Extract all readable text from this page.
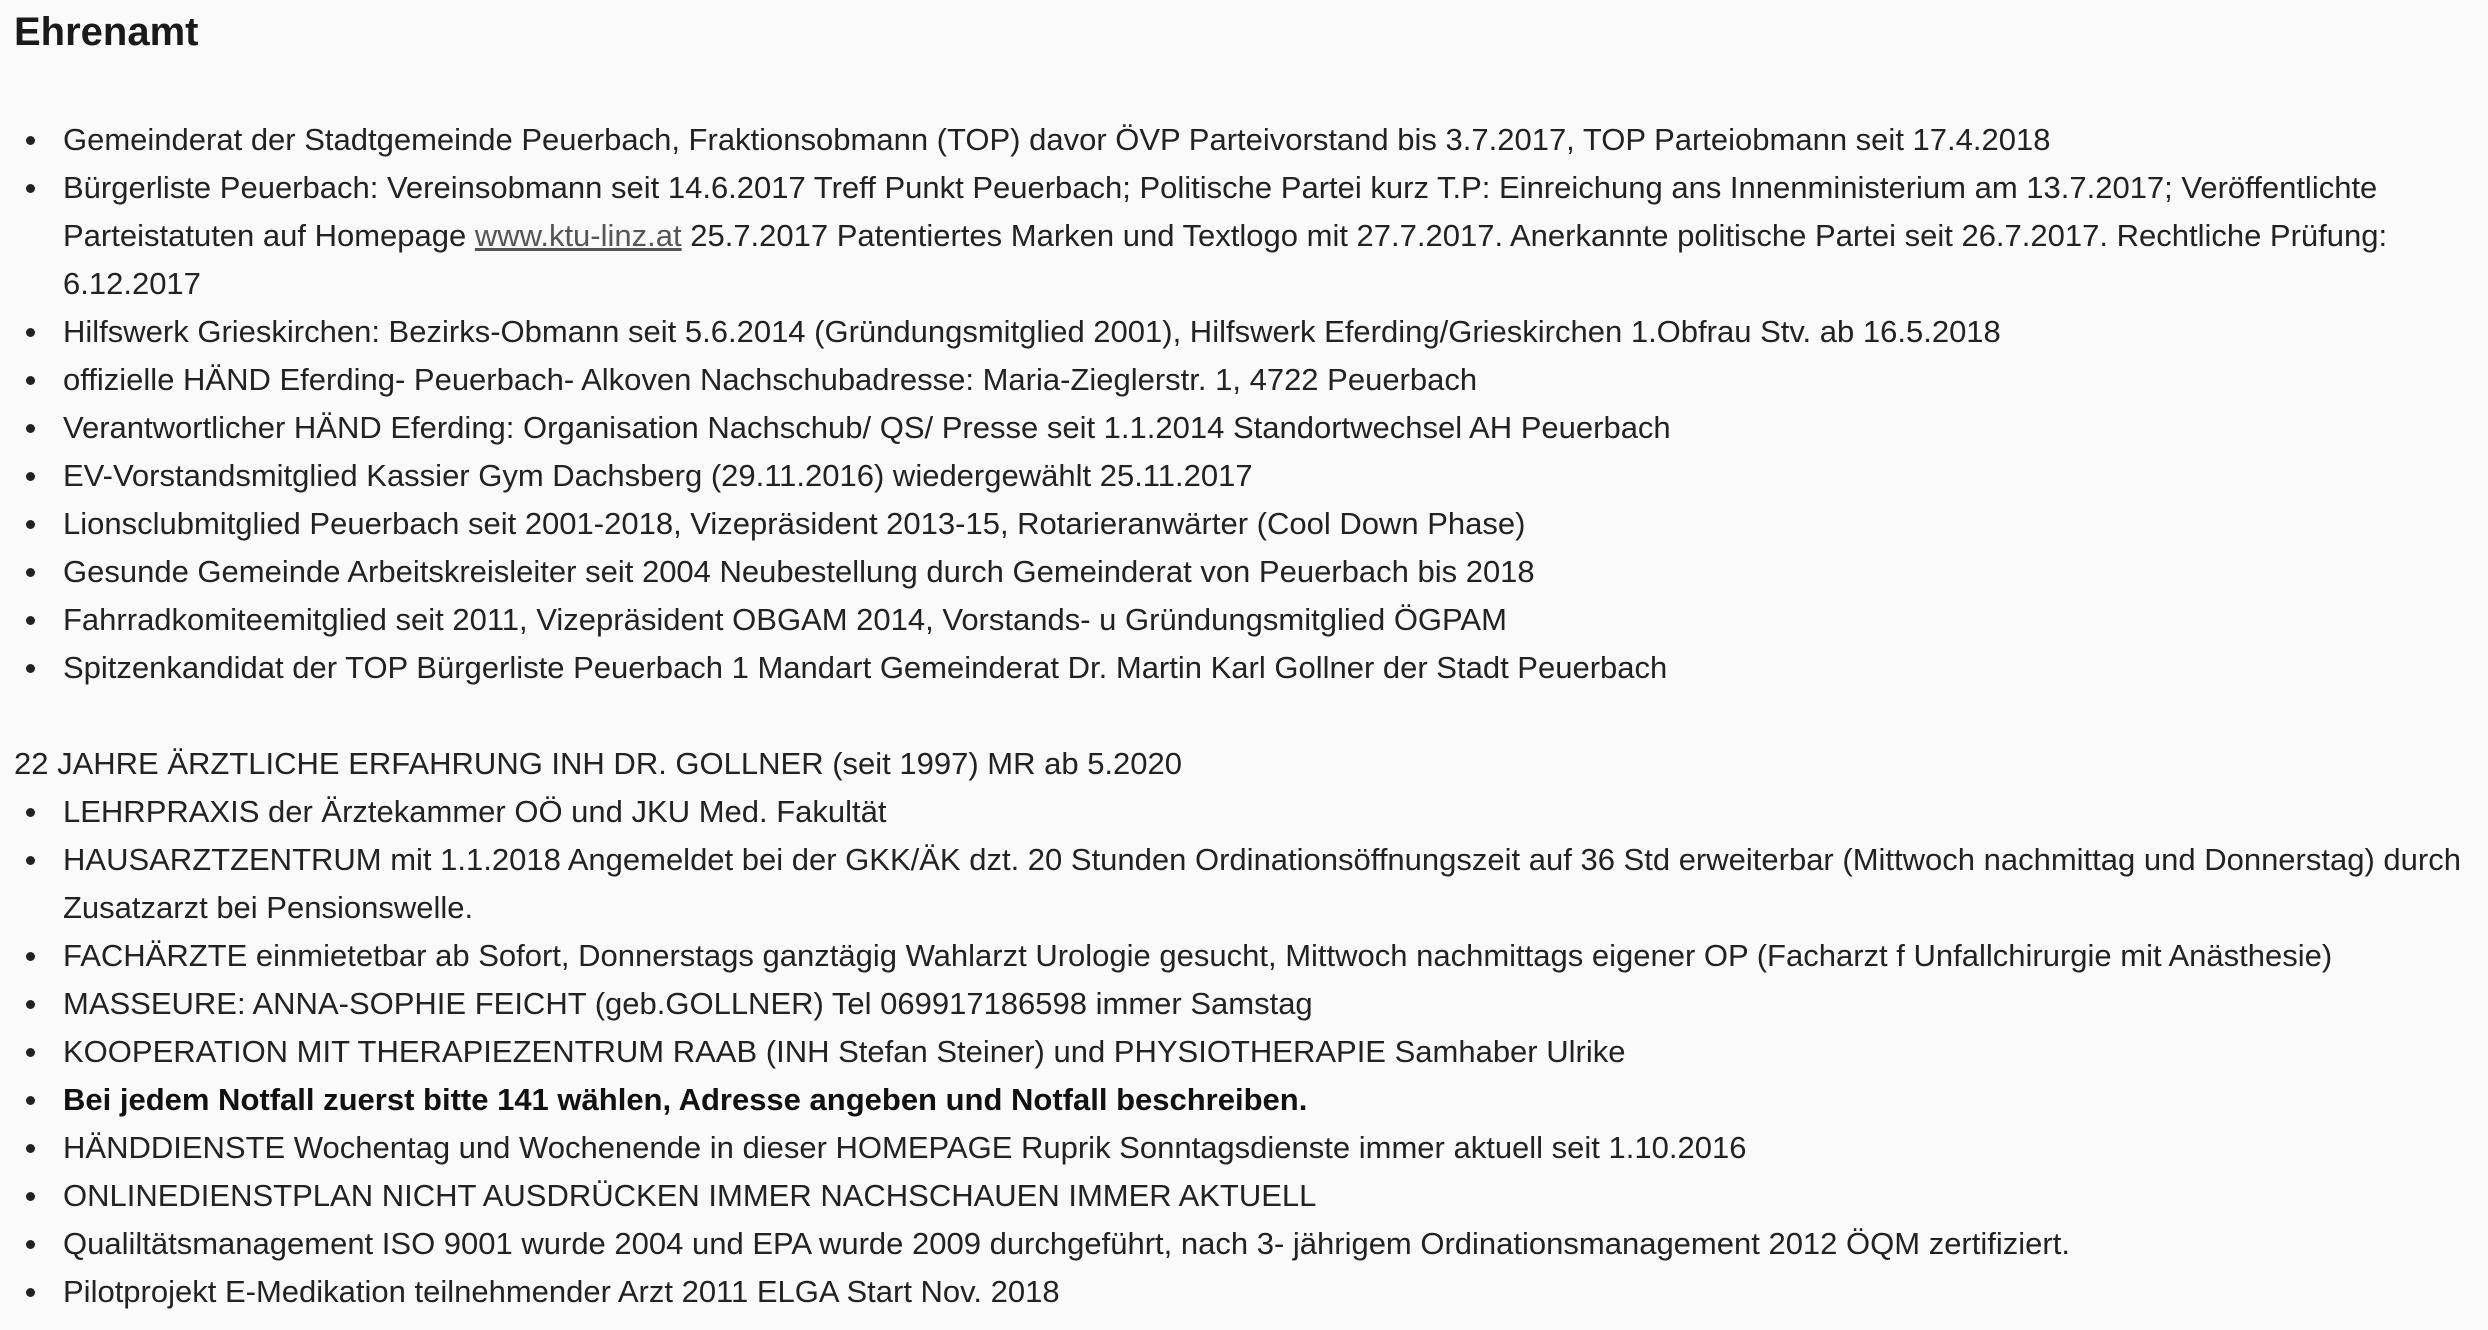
Ehrenamt
Gemeinderat der Stadtgemeinde Peuerbach, Fraktionsobmann (TOP) davor ÖVP Parteivorstand bis 3.7.2017, TOP Parteiobmann seit 17.4.2018
Bürgerliste Peuerbach: Vereinsobmann seit 14.6.2017 Treff Punkt Peuerbach; Politische Partei kurz T.P: Einreichung ans Innenministerium am 13.7.2017; Veröffentlichte Parteistatuten auf Homepage www.ktu-linz.at 25.7.2017 Patentiertes Marken und Textlogo mit 27.7.2017. Anerkannte politische Partei seit 26.7.2017. Rechtliche Prüfung: 6.12.2017
Hilfswerk Grieskirchen: Bezirks-Obmann seit 5.6.2014 (Gründungsmitglied 2001), Hilfswerk Eferding/Grieskirchen 1.Obfrau Stv. ab 16.5.2018
offizielle HÄND Eferding- Peuerbach- Alkoven Nachschubadresse: Maria-Zieglerstr. 1, 4722 Peuerbach
Verantwortlicher HÄND Eferding: Organisation Nachschub/ QS/ Presse seit 1.1.2014 Standortwechsel AH Peuerbach
EV-Vorstandsmitglied Kassier Gym Dachsberg (29.11.2016) wiedergewählt 25.11.2017
Lionsclubmitglied Peuerbach seit 2001-2018, Vizepräsident 2013-15, Rotarieranwärter (Cool Down Phase)
Gesunde Gemeinde Arbeitskreisleiter seit 2004 Neubestellung durch Gemeinderat von Peuerbach bis 2018
Fahrradkomiteemitglied seit 2011, Vizepräsident OBGAM 2014, Vorstands- u Gründungsmitglied ÖGPAM
Spitzenkandidat der TOP Bürgerliste Peuerbach 1 Mandart Gemeinderat Dr. Martin Karl Gollner der Stadt Peuerbach
22 JAHRE ÄRZTLICHE ERFAHRUNG INH DR. GOLLNER (seit 1997) MR ab 5.2020
LEHRPRAXIS der Ärztekammer OÖ und JKU Med. Fakultät
HAUSARZTZENTRUM mit 1.1.2018 Angemeldet bei der GKK/ÄK dzt. 20 Stunden Ordinationsöffnungszeit auf 36 Std erweiterbar (Mittwoch nachmittag und Donnerstag) durch Zusatzarzt bei Pensionswelle.
FACHÄRZTE einmietetbar ab Sofort, Donnerstags ganztägig Wahlarzt Urologie gesucht, Mittwoch nachmittags eigener OP (Facharzt f Unfallchirurgie mit Anästhesie)
MASSEURE: ANNA-SOPHIE FEICHT (geb.GOLLNER) Tel 069917186598 immer Samstag
KOOPERATION MIT THERAPIEZENTRUM RAAB (INH Stefan Steiner) und PHYSIOTHERAPIE Samhaber Ulrike
Bei jedem Notfall zuerst bitte 141 wählen, Adresse angeben und Notfall beschreiben.
HÄNDDIENSTE Wochentag und Wochenende in dieser HOMEPAGE Ruprik Sonntagsdienste immer aktuell seit 1.10.2016
ONLINEDIENSTPLAN NICHT AUSDRÜCKEN IMMER NACHSCHAUEN IMMER AKTUELL
Qualiltätsmanagement ISO 9001 wurde 2004 und EPA wurde 2009 durchgeführt, nach 3- jährigem Ordinationsmanagement 2012 ÖQM zertifiziert.
Pilotprojekt E-Medikation teilnehmender Arzt 2011 ELGA Start Nov. 2018
